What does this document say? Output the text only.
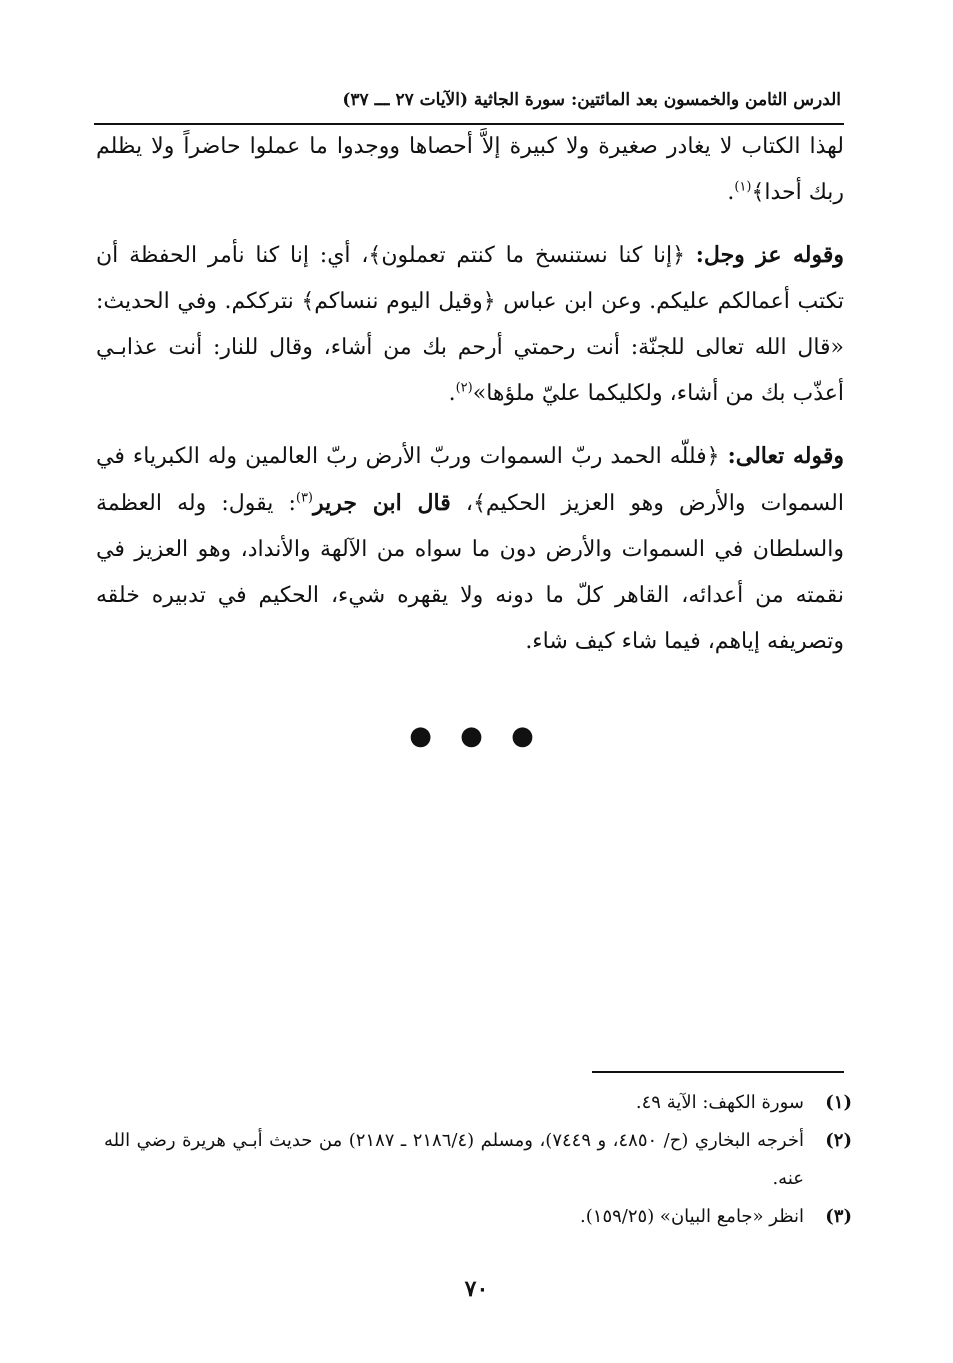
الدرس الثامن والخمسون بعد المائتين: سورة الجاثية (الآيات ٢٧ ـــ ٣٧)

لهذا الكتاب لا يغادر صغيرة ولا كبيرة إلاَّ أحصاها ووجدوا ما عملوا حاضراً ولا يظلم ربك أحدا﴾$^{(١)}$.

وقوله عز وجل: ﴿إنا كنا نستنسخ ما كنتم تعملون﴾، أي: إنا كنا نأمر الحفظة أن تكتب أعمالكم عليكم. وعن ابن عباس ﴿وقيل اليوم ننساكم﴾ نترككم. وفي الحديث: «قال الله تعالى للجنّة: أنت رحمتي أرحم بك من أشاء، وقال للنار: أنت عذابـي أعذّب بك من أشاء، ولكليكما عليّ ملؤها»$^{(٢)}$.

وقوله تعالى: ﴿فللّه الحمد ربّ السموات وربّ الأرض ربّ العالمين وله الكبرياء في السموات والأرض وهو العزيز الحكيم﴾، قال ابن جرير$^{(٣)}$: يقول: وله العظمة والسلطان في السموات والأرض دون ما سواه من الآلهة والأنداد، وهو العزيز في نقمته من أعدائه، القاهر كلّ ما دونه ولا يقهره شيء، الحكيم في تدبيره خلقه وتصريفه إياهم، فيما شاء كيف شاء.

● ● ●
(١)
سورة الكهف: الآية ٤٩.
(٢)
أخرجه البخاري (ح/ ٤٨٥٠، و ٧٤٤٩)، ومسلم (٢١٨٦/٤ ـ ٢١٨٧) من حديث أبـي هريرة رضي الله عنه.
(٣)
انظر «جامع البيان» (١٥٩/٢٥).
٧٠
